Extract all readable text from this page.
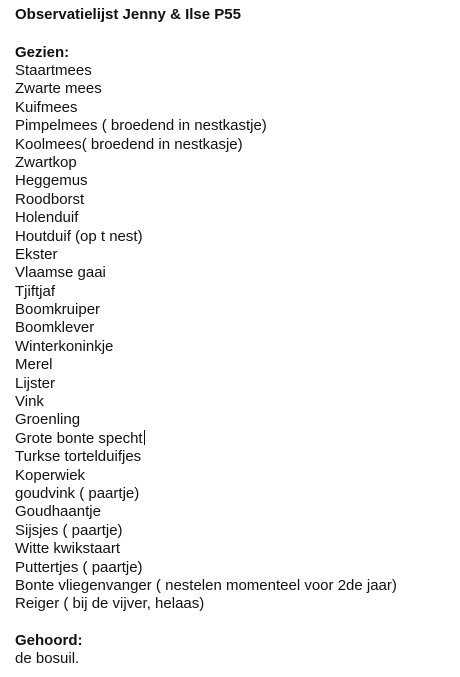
Observatielijst Jenny & Ilse P55
Gezien:
Staartmees
Zwarte mees
Kuifmees
Pimpelmees ( broedend in nestkastje)
Koolmees( broedend in nestkasje)
Zwartkop
Heggemus
Roodborst
Holenduif
Houtduif (op t nest)
Ekster
Vlaamse gaai
Tjiftjaf
Boomkruiper
Boomklever
Winterkoninkje
Merel
Lijster
Vink
Groenling
Grote bonte specht
Turkse tortelduifjes
Koperwiek
goudvink ( paartje)
Goudhaantje
Sijsjes ( paartje)
Witte kwikstaart
Puttertjes ( paartje)
Bonte vliegenvanger ( nestelen momenteel voor 2de jaar)
Reiger ( bij de vijver, helaas)
Gehoord:
de bosuil.
